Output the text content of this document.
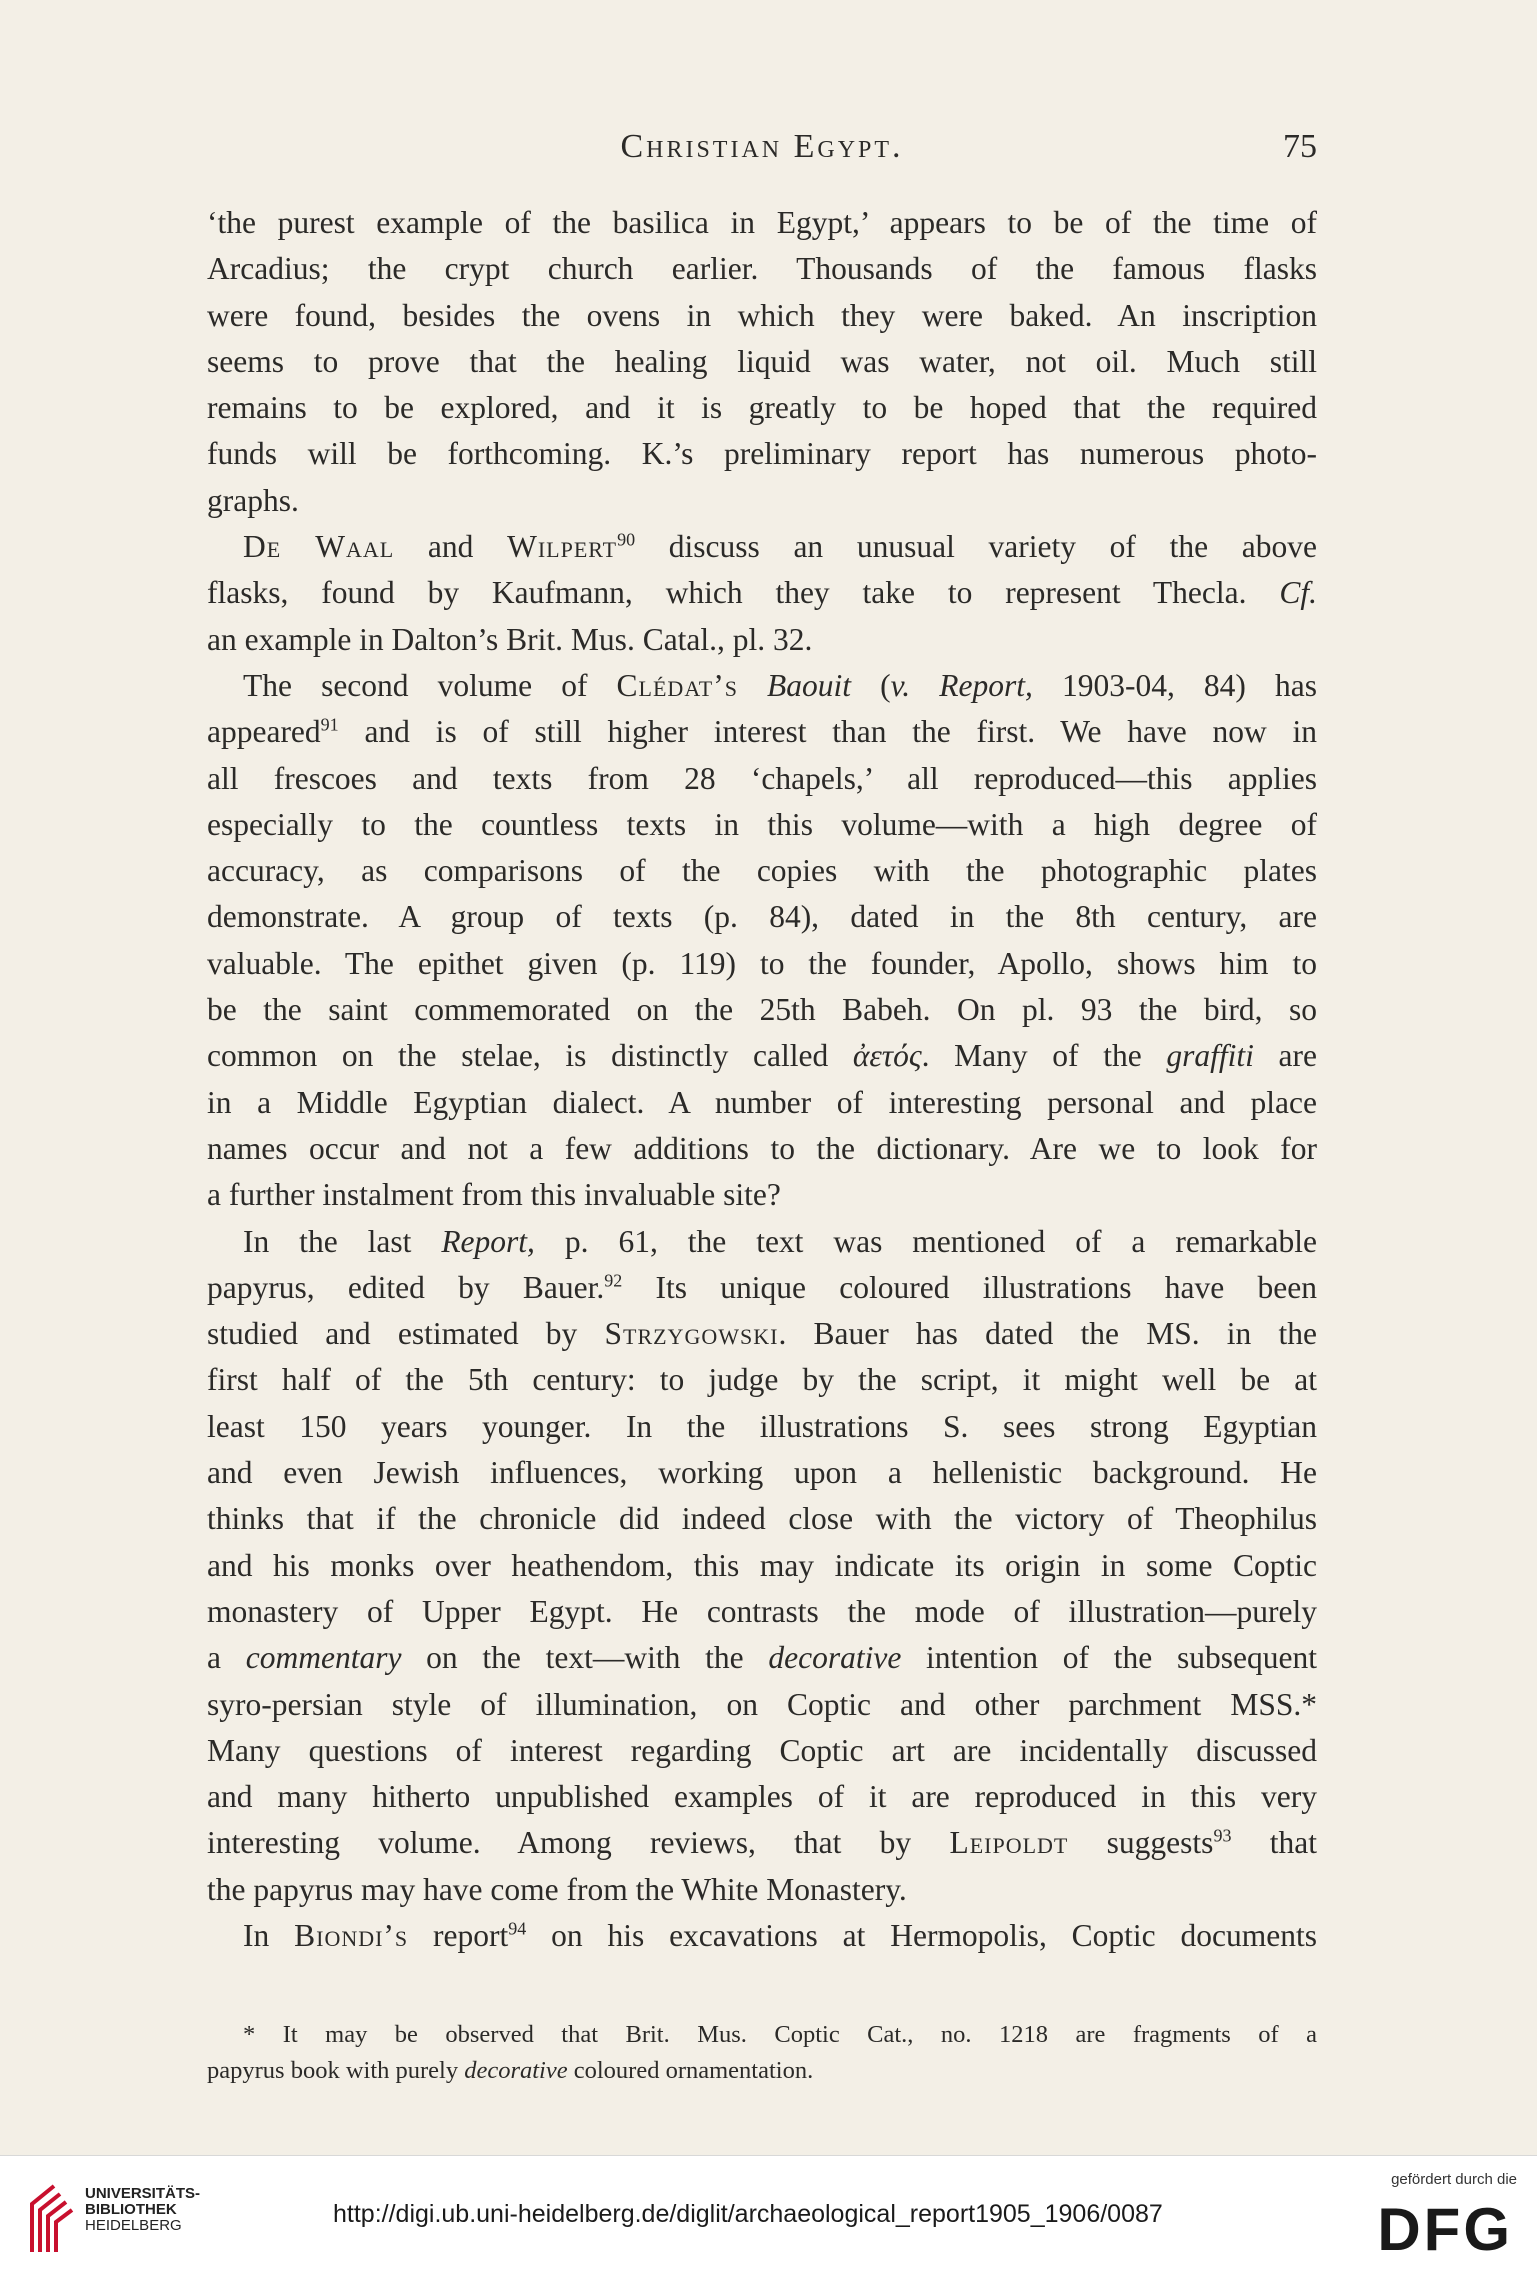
Christian Egypt.	75
‘the purest example of the basilica in Egypt,’ appears to be of the time of
Arcadius; the crypt church earlier. Thousands of the famous flasks
were found, besides the ovens in which they were baked. An inscription
seems to prove that the healing liquid was water, not oil. Much still
remains to be explored, and it is greatly to be hoped that the required
funds will be forthcoming. K.’s preliminary report has numerous photo-
graphs.
De Waal and Wilpert$^{90}$ discuss an unusual variety of the above
flasks, found by Kaufmann, which they take to represent Thecla. Cf.
an example in Dalton’s Brit. Mus. Catal., pl. 32.
The second volume of Clédat’s Baouit (v. Report, 1903-04, 84) has
appeared$^{91}$ and is of still higher interest than the first. We have now in
all frescoes and texts from 28 ‘chapels,’ all reproduced—this applies
especially to the countless texts in this volume—with a high degree of
accuracy, as comparisons of the copies with the photographic plates
demonstrate. A group of texts (p. 84), dated in the 8th century, are
valuable. The epithet given (p. 119) to the founder, Apollo, shows him to
be the saint commemorated on the 25th Babeh. On pl. 93 the bird, so
common on the stelae, is distinctly called ἀετός. Many of the graffiti are
in a Middle Egyptian dialect. A number of interesting personal and place
names occur and not a few additions to the dictionary. Are we to look for
a further instalment from this invaluable site?
In the last Report, p. 61, the text was mentioned of a remarkable
papyrus, edited by Bauer.$^{92}$ Its unique coloured illustrations have been
studied and estimated by Strzygowski. Bauer has dated the MS. in the
first half of the 5th century: to judge by the script, it might well be at
least 150 years younger. In the illustrations S. sees strong Egyptian
and even Jewish influences, working upon a hellenistic background. He
thinks that if the chronicle did indeed close with the victory of Theophilus
and his monks over heathendom, this may indicate its origin in some Coptic
monastery of Upper Egypt. He contrasts the mode of illustration—purely
a commentary on the text—with the decorative intention of the subsequent
syro-persian style of illumination, on Coptic and other parchment MSS.*
Many questions of interest regarding Coptic art are incidentally discussed
and many hitherto unpublished examples of it are reproduced in this very
interesting volume. Among reviews, that by Leipoldt suggests$^{93}$ that
the papyrus may have come from the White Monastery.
In Biondi’s report$^{94}$ on his excavations at Hermopolis, Coptic documents
* It may be observed that Brit. Mus. Coptic Cat., no. 1218 are fragments of a
papyrus book with purely decorative coloured ornamentation.
UNIVERSITÄTS-
BIBLIOTHEK
HEIDELBERG	http://digi.ub.uni-heidelberg.de/diglit/archaeological_report1905_1906/0087
gefördert durch die
DFG
